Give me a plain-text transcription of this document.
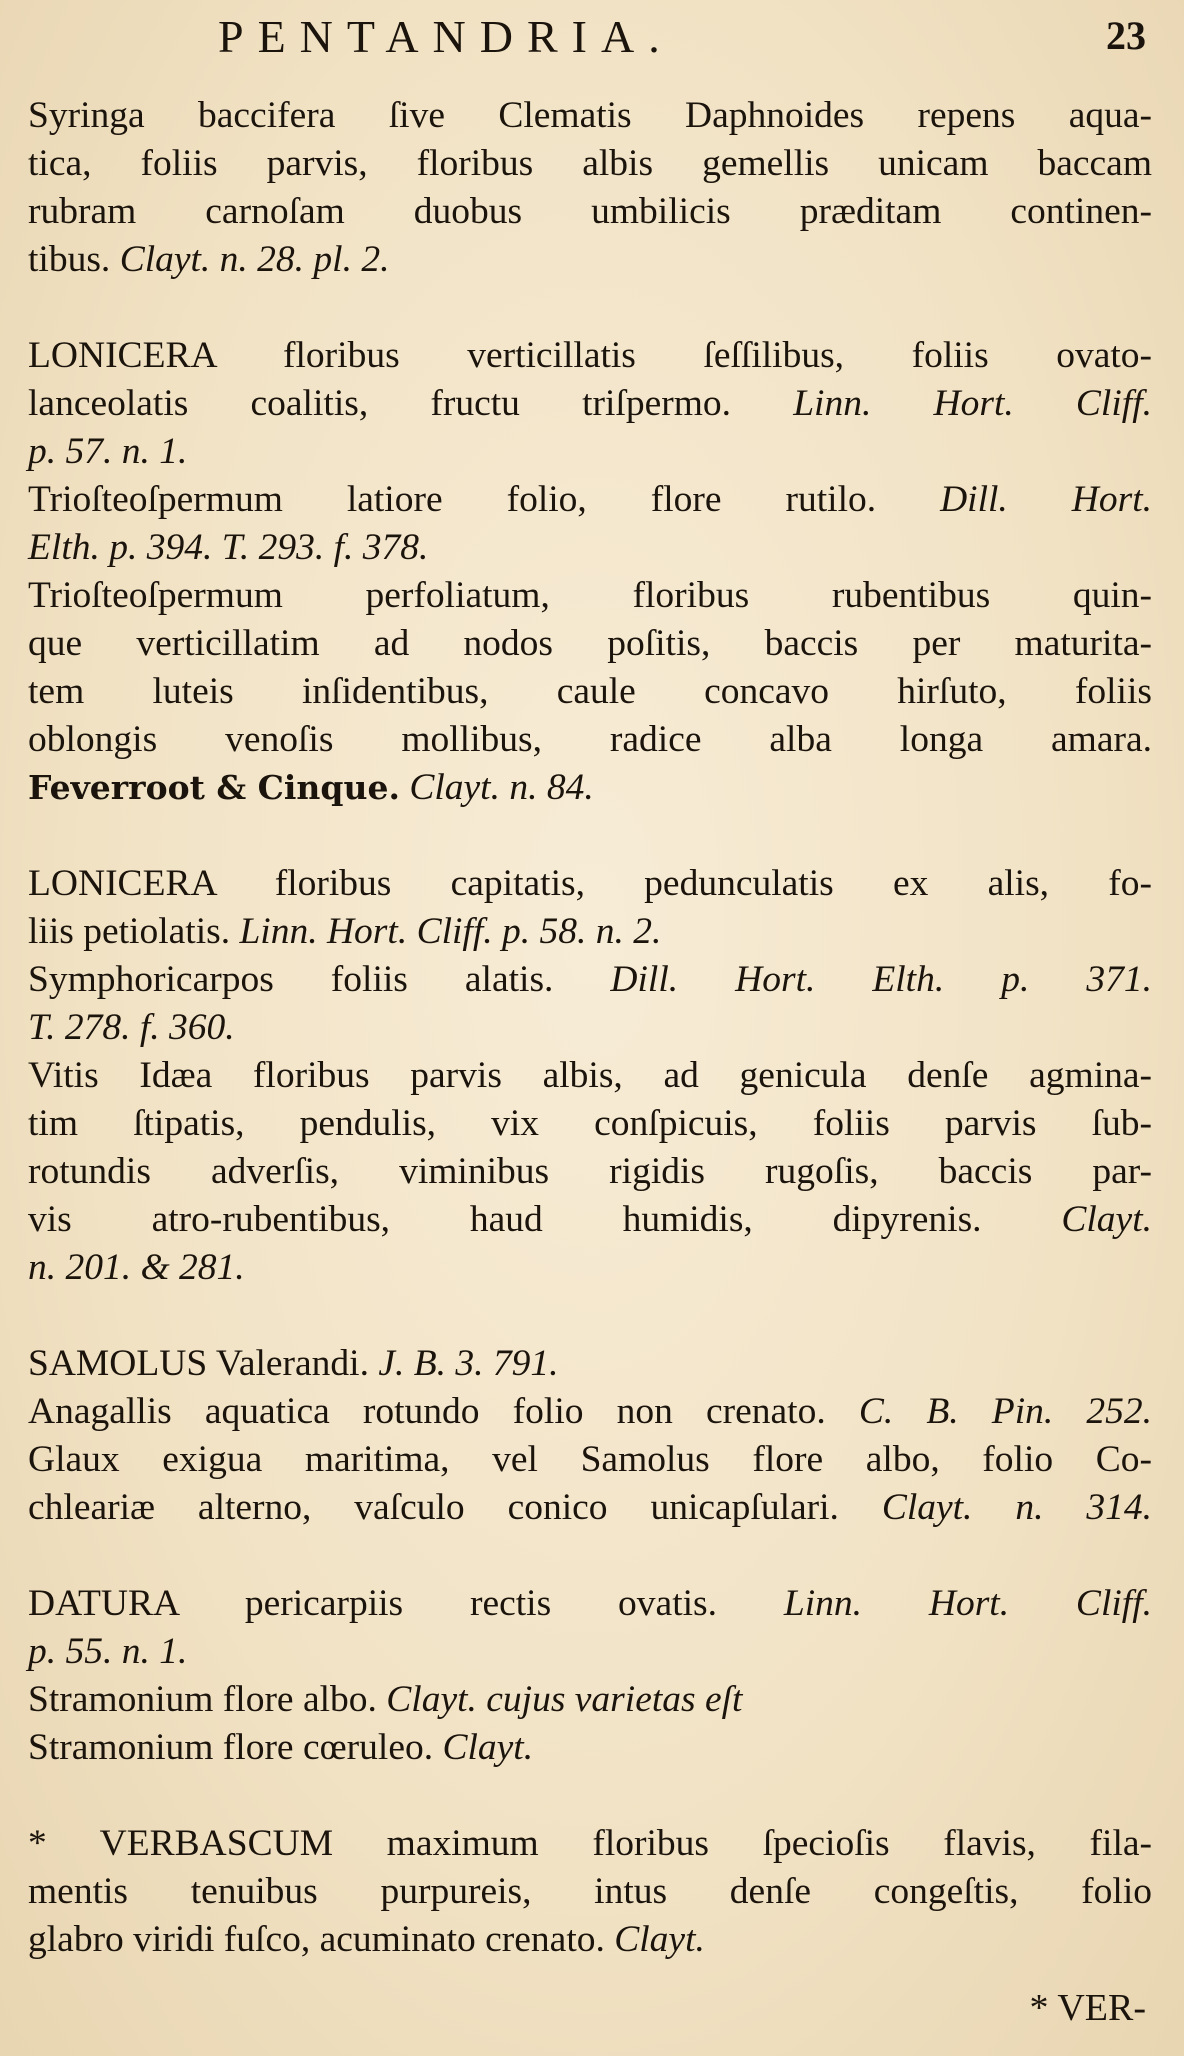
PENTANDRIA.	23
Syringa baccifera ſive Clematis Daphnoides repens aqua-
tica, foliis parvis, floribus albis gemellis unicam baccam
rubram carnoſam duobus umbilicis præditam continen-
tibus. Clayt. n. 28. pl. 2.
LONICERA floribus verticillatis ſeſſilibus, foliis ovato-
lanceolatis coalitis, fructu triſpermo. Linn. Hort. Cliff.
p. 57. n. 1.
Trioſteoſpermum latiore folio, flore rutilo. Dill. Hort.
Elth. p. 394. T. 293. f. 378.
Trioſteoſpermum perfoliatum, floribus rubentibus quin-
que verticillatim ad nodos poſitis, baccis per maturita-
tem luteis inſidentibus, caule concavo hirſuto, foliis
oblongis venoſis mollibus, radice alba longa amara.
Feverroot & Cinque. Clayt. n. 84.
LONICERA floribus capitatis, pedunculatis ex alis, fo-
liis petiolatis. Linn. Hort. Cliff. p. 58. n. 2.
Symphoricarpos foliis alatis. Dill. Hort. Elth. p. 371.
T. 278. f. 360.
Vitis Idæa floribus parvis albis, ad genicula denſe agmina-
tim ſtipatis, pendulis, vix conſpicuis, foliis parvis ſub-
rotundis adverſis, viminibus rigidis rugoſis, baccis par-
vis atro-rubentibus, haud humidis, dipyrenis. Clayt.
n. 201. & 281.
SAMOLUS Valerandi. J. B. 3. 791.
Anagallis aquatica rotundo folio non crenato. C. B. Pin. 252.
Glaux exigua maritima, vel Samolus flore albo, folio Co-
chleariæ alterno, vaſculo conico unicapſulari. Clayt. n. 314.
DATURA pericarpiis rectis ovatis. Linn. Hort. Cliff.
p. 55. n. 1.
Stramonium flore albo. Clayt. cujus varietas eſt
Stramonium flore cœruleo. Clayt.
* VERBASCUM maximum floribus ſpecioſis flavis, fila-
mentis tenuibus purpureis, intus denſe congeſtis, folio
glabro viridi fuſco, acuminato crenato. Clayt.
* VER-
